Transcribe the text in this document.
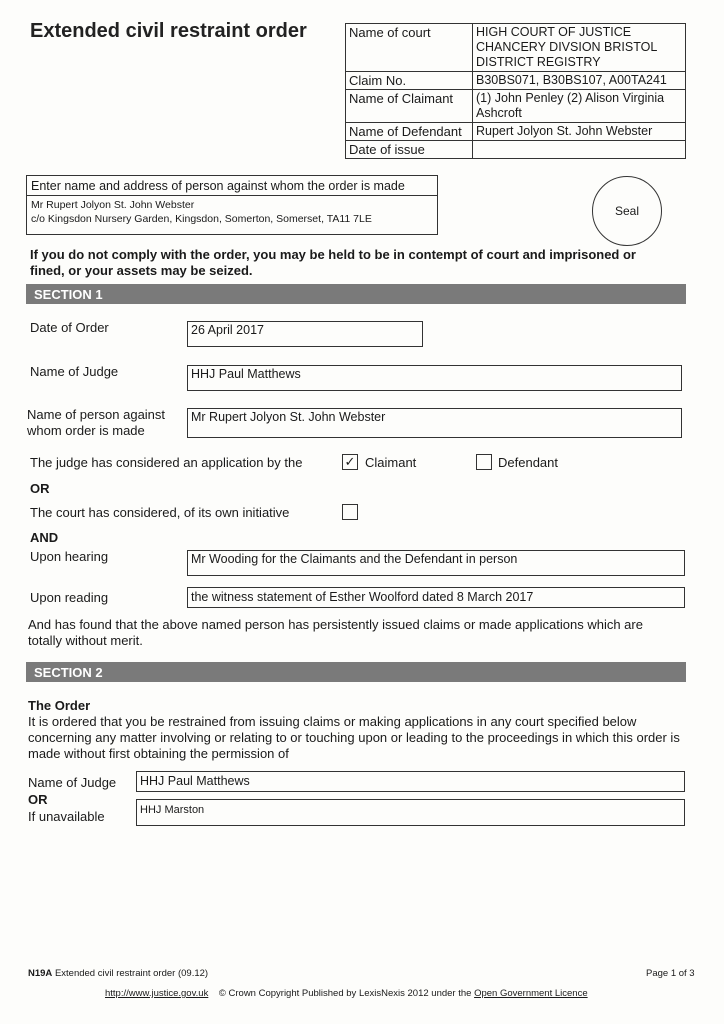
Extended civil restraint order	Name of court	HIGH COURT OF JUSTICE CHANCERY DIVSION BRISTOL DISTRICT REGISTRY
Claim No.	B30BS071, B30BS107, A00TA241
Name of Claimant	(1) John Penley (2) Alison Virginia Ashcroft
Name of Defendant	Rupert Jolyon St. John Webster
Date of issue	
Enter name and address of person against whom the order is made
Mr Rupert Jolyon St. John Webster
c/o Kingsdon Nursery Garden, Kingsdon, Somerton, Somerset, TA11 7LE
Seal
If you do not comply with the order, you may be held to be in contempt of court and imprisoned or fined, or your assets may be seized.
SECTION 1
Date of Order	26 April 2017
Name of Judge	HHJ Paul Matthews
Name of person against
whom order is made
Mr Rupert Jolyon St. John Webster
The judge has considered an application by the	✓ Claimant	Defendant
OR
The court has considered, of its own initiative
AND
Upon hearing	Mr Wooding for the Claimants and the Defendant in person
Upon reading	the witness statement of Esther Woolford dated 8 March 2017
And has found that the above named person has persistently issued claims or made applications which are totally without merit.
SECTION 2
The Order
It is ordered that you be restrained from issuing claims or making applications in any court specified below concerning any matter involving or relating to or touching upon or leading to the proceedings in which this order is made without first obtaining the permission of
Name of Judge	HHJ Paul Matthews
OR
If unavailable	HHJ Marston
N19A Extended civil restraint order (09.12)	Page 1 of 3
http://www.justice.gov.uk © Crown Copyright Published by LexisNexis 2012 under the Open Government Licence
